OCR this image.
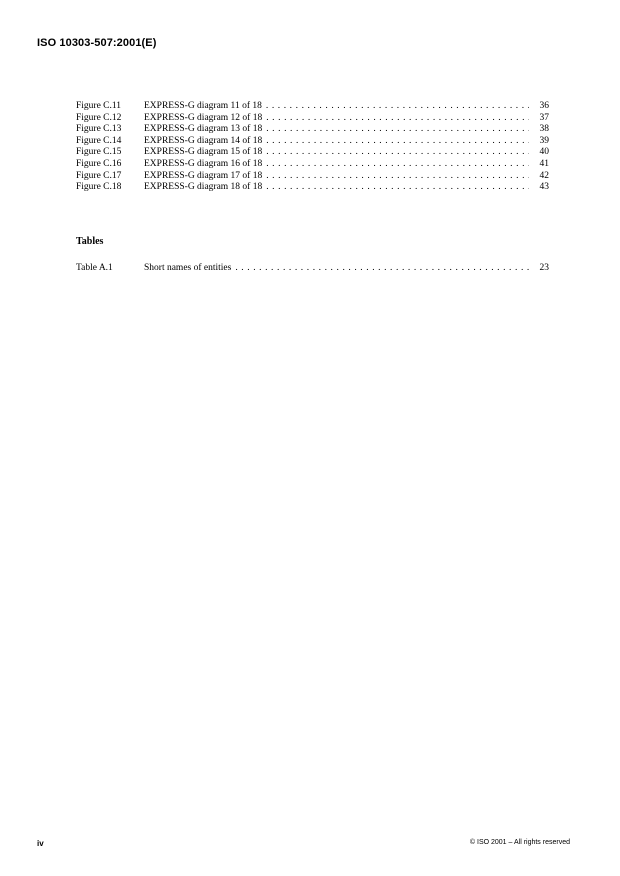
ISO 10303-507:2001(E)
Figure C.11	EXPRESS-G diagram 11 of 18 . . .	36
Figure C.12	EXPRESS-G diagram 12 of 18 . . .	37
Figure C.13	EXPRESS-G diagram 13 of 18 . . .	38
Figure C.14	EXPRESS-G diagram 14 of 18 . . .	39
Figure C.15	EXPRESS-G diagram 15 of 18 . . .	40
Figure C.16	EXPRESS-G diagram 16 of 18 . . .	41
Figure C.17	EXPRESS-G diagram 17 of 18 . . .	42
Figure C.18	EXPRESS-G diagram 18 of 18 . . .	43
Tables
Table A.1	Short names of entities . . .	23
iv	© ISO 2001 – All rights reserved
